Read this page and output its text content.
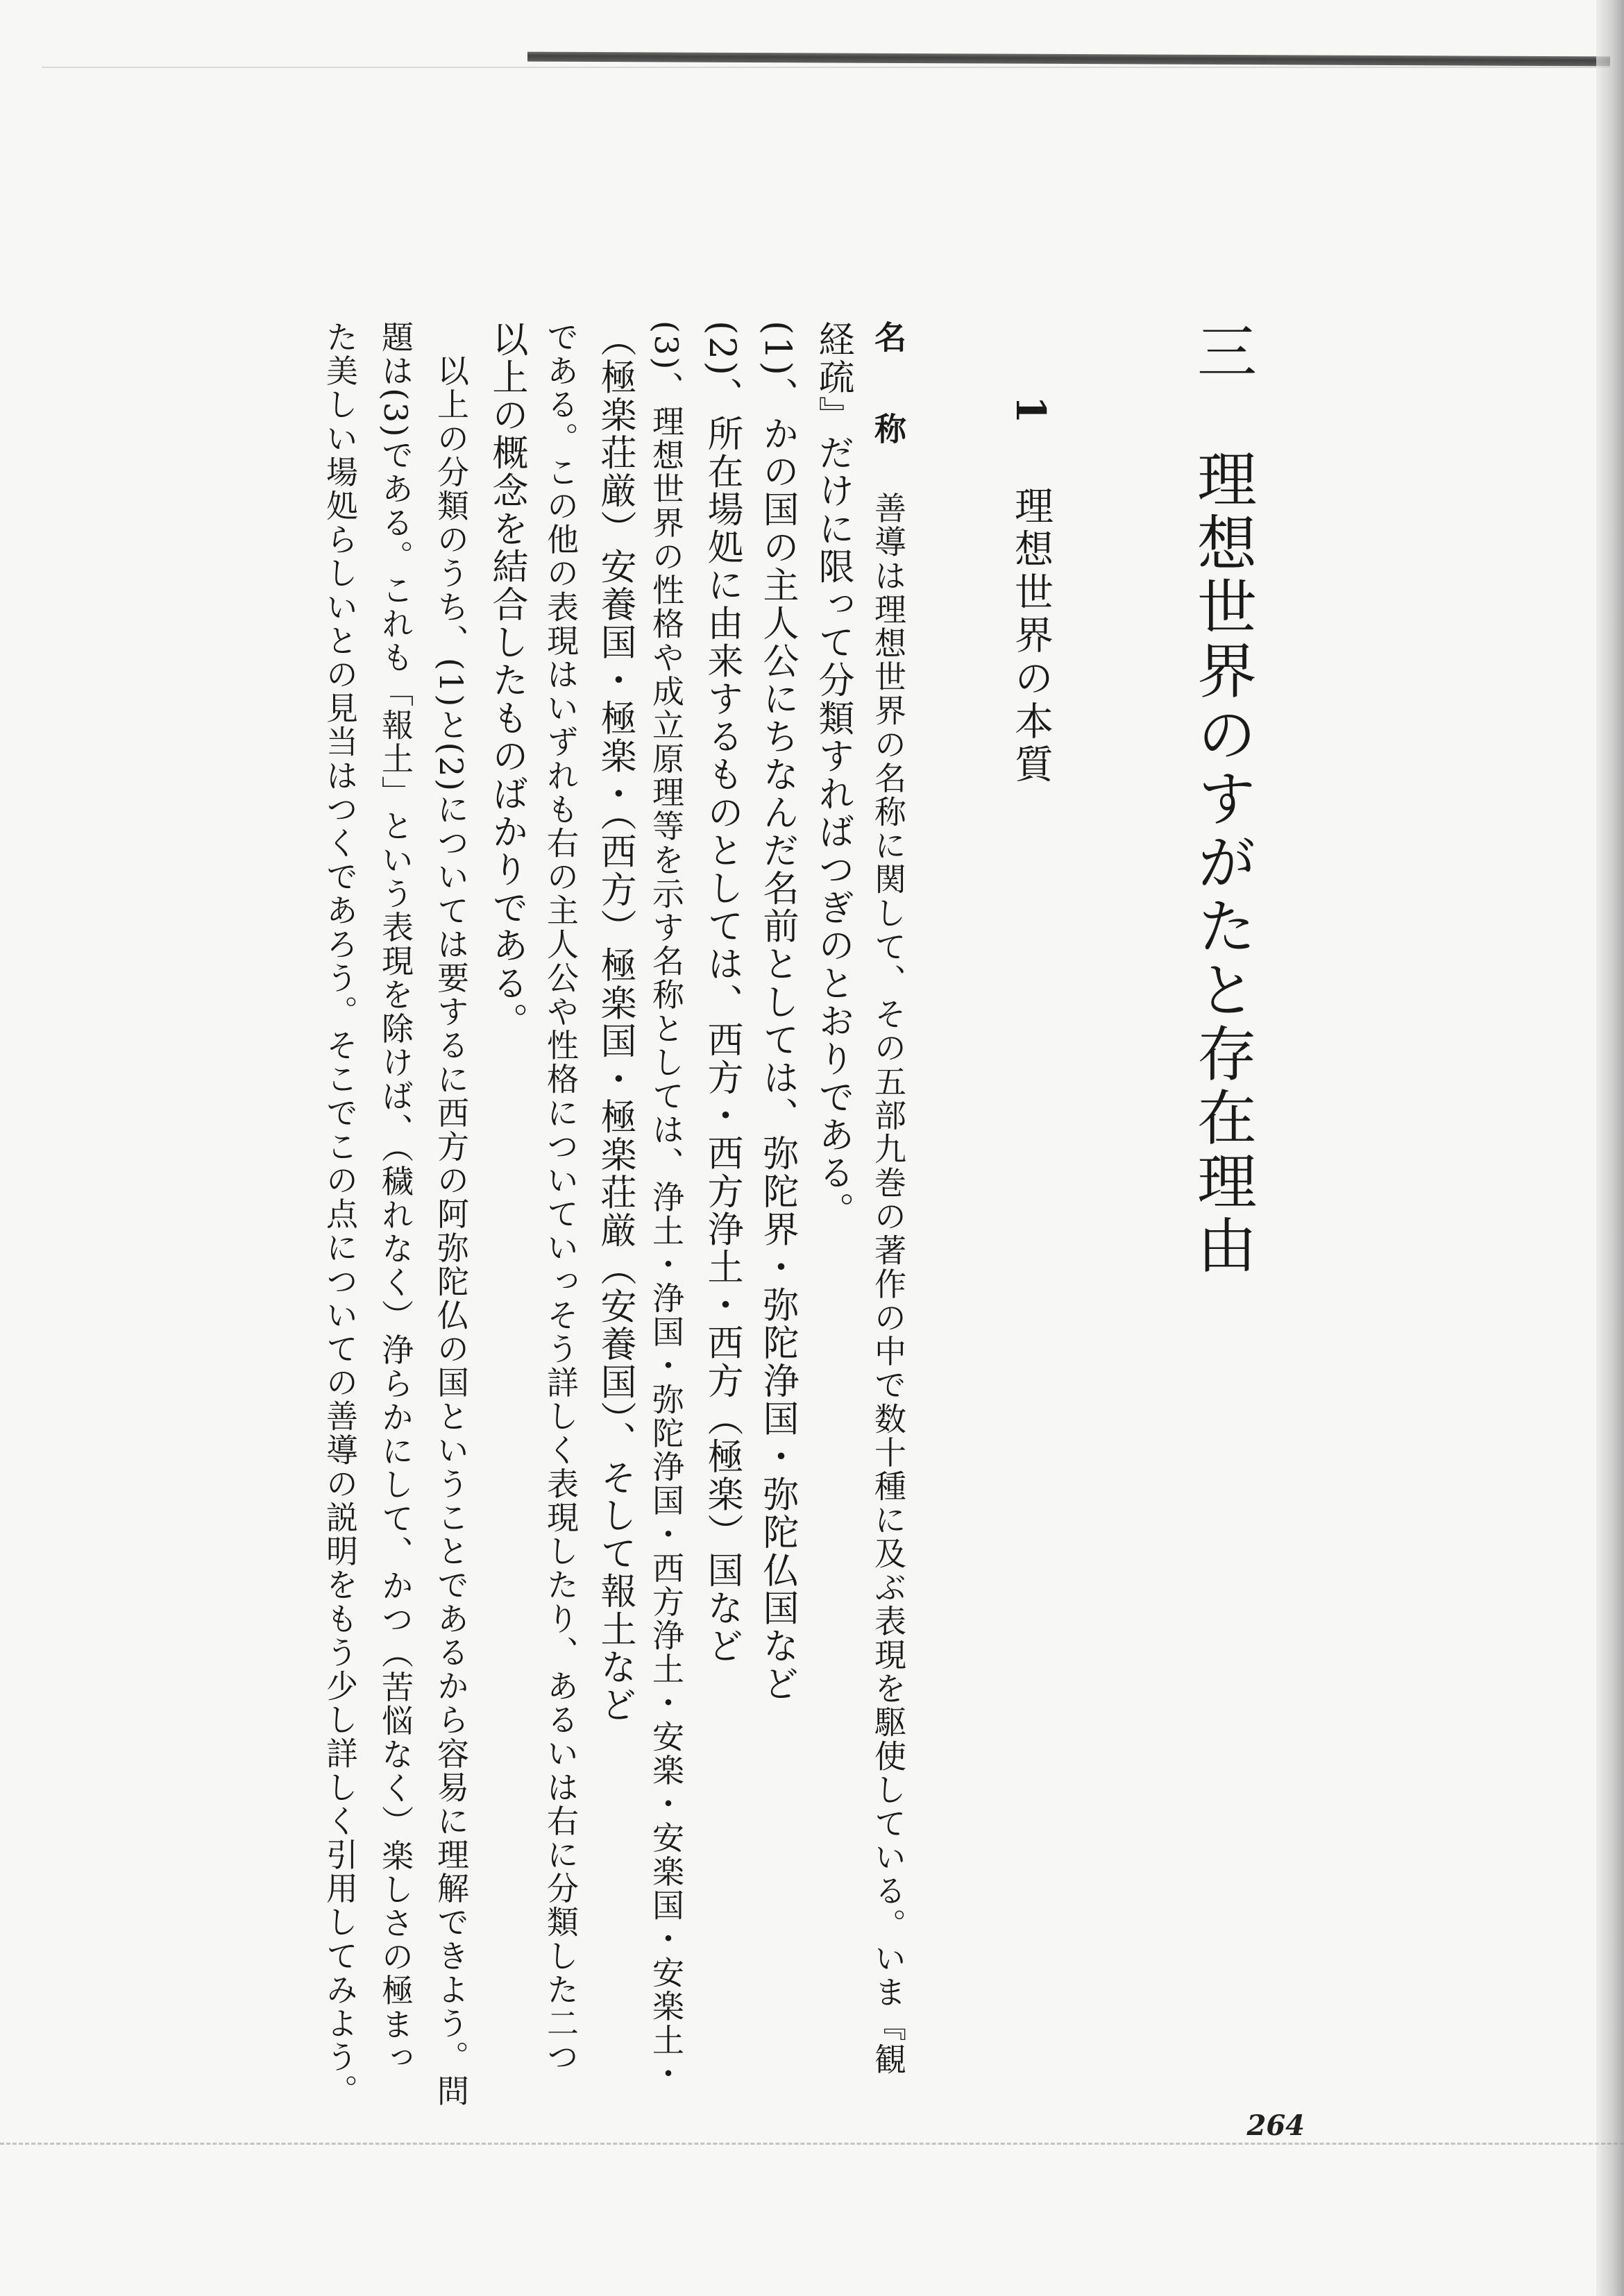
三　理想世界のすがたと存在理由
1
理想世界の本質
名　称　善導は理想世界の名称に関して、その五部九巻の著作の中で数十種に及ぶ表現を駆使している。いま『観
経疏』だけに限って分類すればつぎのとおりである。
(1)、かの国の主人公にちなんだ名前としては、弥陀界・弥陀浄国・弥陀仏国など
(2)、所在場処に由来するものとしては、西方・西方浄土・西方（極楽）国など
(3)、理想世界の性格や成立原理等を示す名称としては、浄土・浄国・弥陀浄国・西方浄土・安楽・安楽国・安楽土・
（極楽荘厳）安養国・極楽・（西方）極楽国・極楽荘厳（安養国）、そして報土など
である。この他の表現はいずれも右の主人公や性格についていっそう詳しく表現したり、あるいは右に分類した二つ
以上の概念を結合したものばかりである。
　以上の分類のうち、(1)と(2)については要するに西方の阿弥陀仏の国ということであるから容易に理解できよう。問
題は(3)である。これも「報土」という表現を除けば、（穢れなく）浄らかにして、かつ（苦悩なく）楽しさの極まっ
た美しい場処らしいとの見当はつくであろう。そこでこの点についての善導の説明をもう少し詳しく引用してみよう。
264
